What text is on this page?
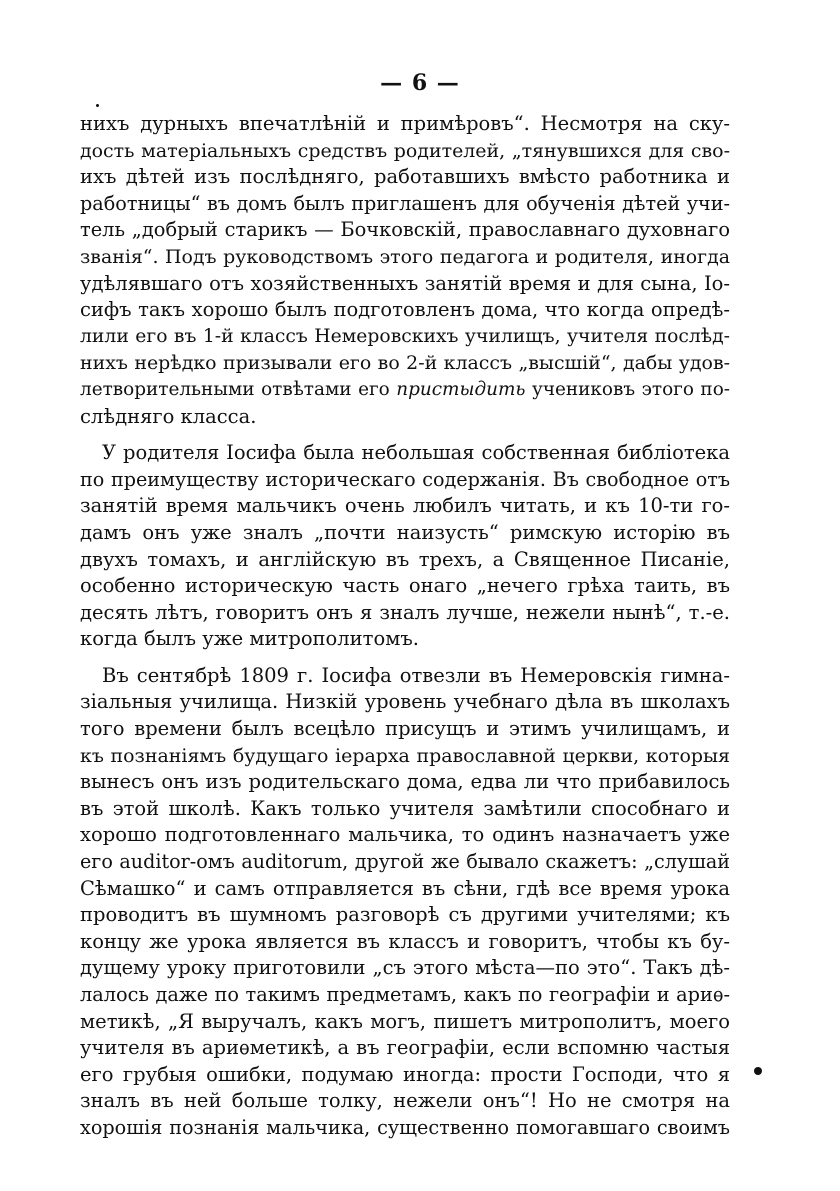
— 6 —
нихъ дурныхъ впечатлѣній и примѣровъ“. Несмотря на ску-
дость матеріальныхъ средствъ родителей, „тянувшихся для сво-
ихъ дѣтей изъ послѣдняго, работавшихъ вмѣсто работника и
работницы“ въ домъ былъ приглашенъ для обученія дѣтей учи-
тель „добрый старикъ — Бочковскій, православнаго духовнаго
званія“. Подъ руководствомъ этого педагога и родителя, иногда
удѣлявшаго отъ хозяйственныхъ занятій время и для сына, Іо-
сифъ такъ хорошо былъ подготовленъ дома, что когда опредѣ-
лили его въ 1-й классъ Немеровскихъ училищъ, учителя послѣд-
нихъ нерѣдко призывали его во 2-й классъ „высшій“, дабы удов-
летворительными отвѣтами его пристыдить учениковъ этого по-
слѣдняго класса.
У родителя Іосифа была небольшая собственная библіотека
по преимуществу историческаго содержанія. Въ свободное отъ
занятій время мальчикъ очень любилъ читать, и къ 10-ти го-
дамъ онъ уже зналъ „почти наизусть“ римскую исторію въ
двухъ томахъ, и англійскую въ трехъ, а Священное Писаніе,
особенно историческую часть онаго „нечего грѣха таить, въ
десять лѣтъ, говоритъ онъ я зналъ лучше, нежели нынѣ“, т.-е.
когда былъ уже митрополитомъ.
Въ сентябрѣ 1809 г. Іосифа отвезли въ Немеровскія гимна-
зіальныя училища. Низкій уровень учебнаго дѣла въ школахъ
того времени былъ всецѣло присущъ и этимъ училищамъ, и
къ познаніямъ будущаго іерарха православной церкви, которыя
вынесъ онъ изъ родительскаго дома, едва ли что прибавилось
въ этой школѣ. Какъ только учителя замѣтили способнаго и
хорошо подготовленнаго мальчика, то одинъ назначаетъ уже
его auditor-омъ auditorum, другой же бывало скажетъ: „слушай
Сѣмашко“ и самъ отправляется въ сѣни, гдѣ все время урока
проводитъ въ шумномъ разговорѣ съ другими учителями; къ
концу же урока является въ классъ и говоритъ, чтобы къ бу-
дущему уроку приготовили „съ этого мѣста—по это“. Такъ дѣ-
лалось даже по такимъ предметамъ, какъ по географіи и ариѳ-
метикѣ, „Я выручалъ, какъ могъ, пишетъ митрополитъ, моего
учителя въ ариѳметикѣ, а въ географіи, если вспомню частыя
его грубыя ошибки, подумаю иногда: прости Господи, что я
зналъ въ ней больше толку, нежели онъ“! Но не смотря на
хорошія познанія мальчика, существенно помогавшаго своимъ
